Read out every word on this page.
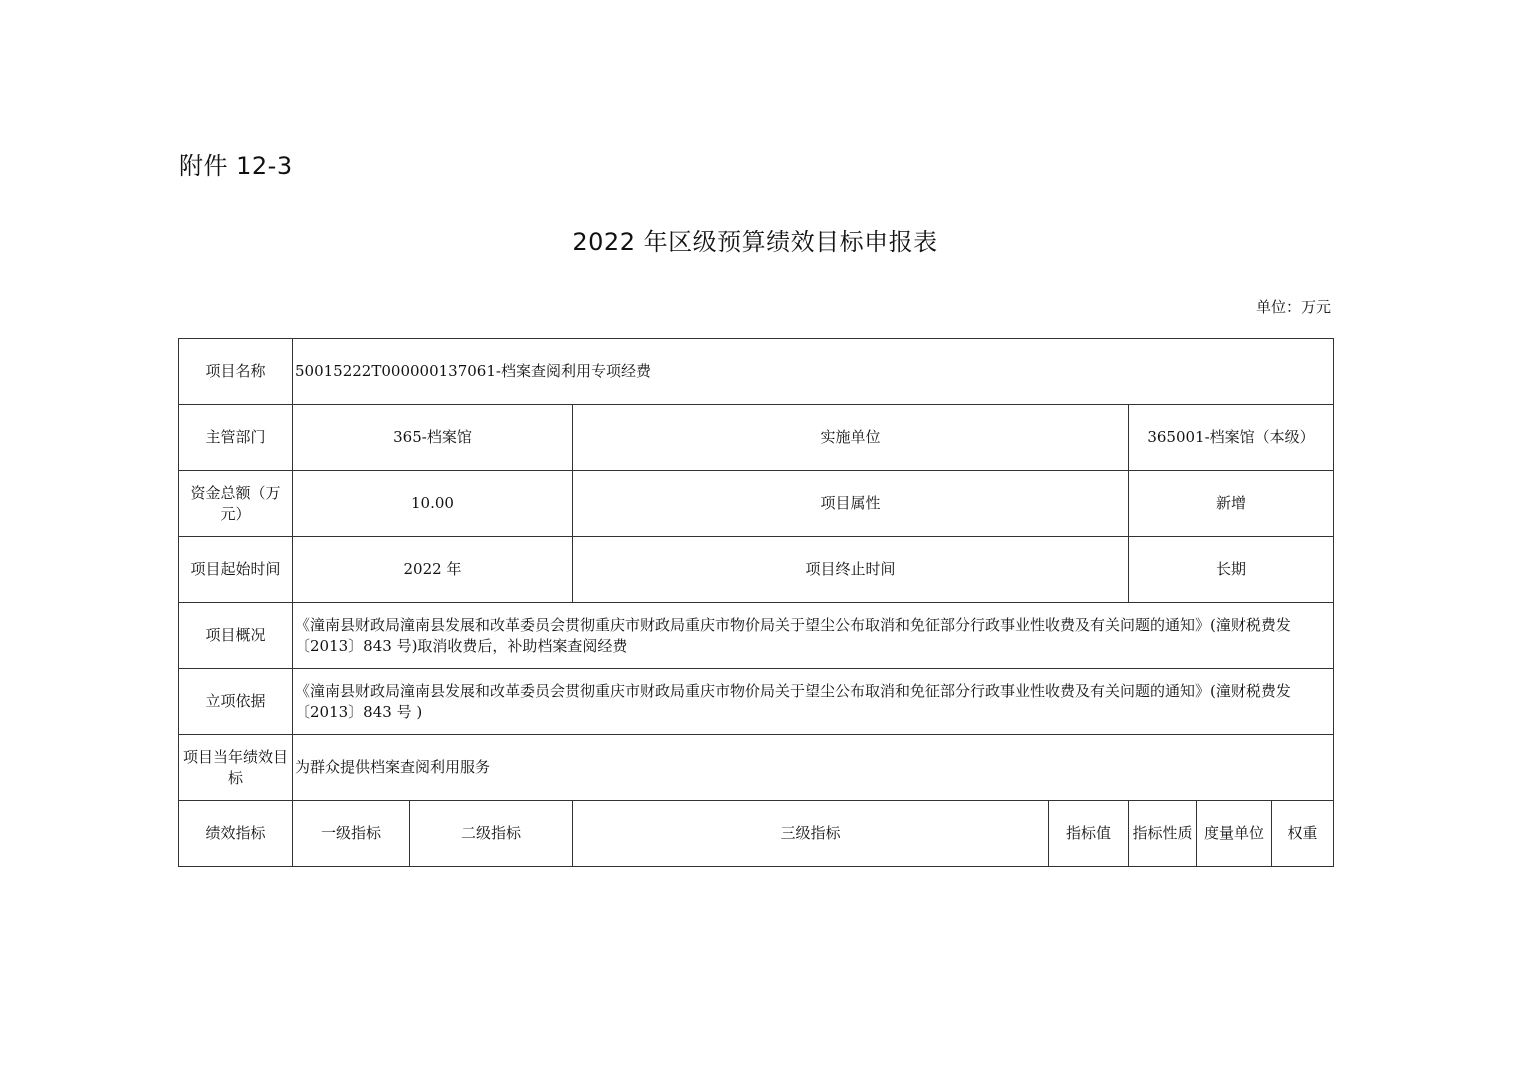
附件 12-3
2022 年区级预算绩效目标申报表
单位：万元
项目名称	50015222T000000137061-档案查阅利用专项经费						
主管部门	365-档案馆		实施单位		365001-档案馆（本级）		
资金总额（万元）	10.00		项目属性		新增		
项目起始时间	2022 年		项目终止时间		长期		
项目概况	《潼南县财政局潼南县发展和改革委员会贯彻重庆市财政局重庆市物价局关于望尘公布取消和免征部分行政事业性收费及有关问题的通知》(潼财税费发〔2013〕843 号)取消收费后，补助档案查阅经费						
立项依据	《潼南县财政局潼南县发展和改革委员会贯彻重庆市财政局重庆市物价局关于望尘公布取消和免征部分行政事业性收费及有关问题的通知》(潼财税费发〔2013〕843 号 )						
项目当年绩效目标	为群众提供档案查阅利用服务						
绩效指标	一级指标	二级指标	三级指标	指标值	指标性质	度量单位	权重
